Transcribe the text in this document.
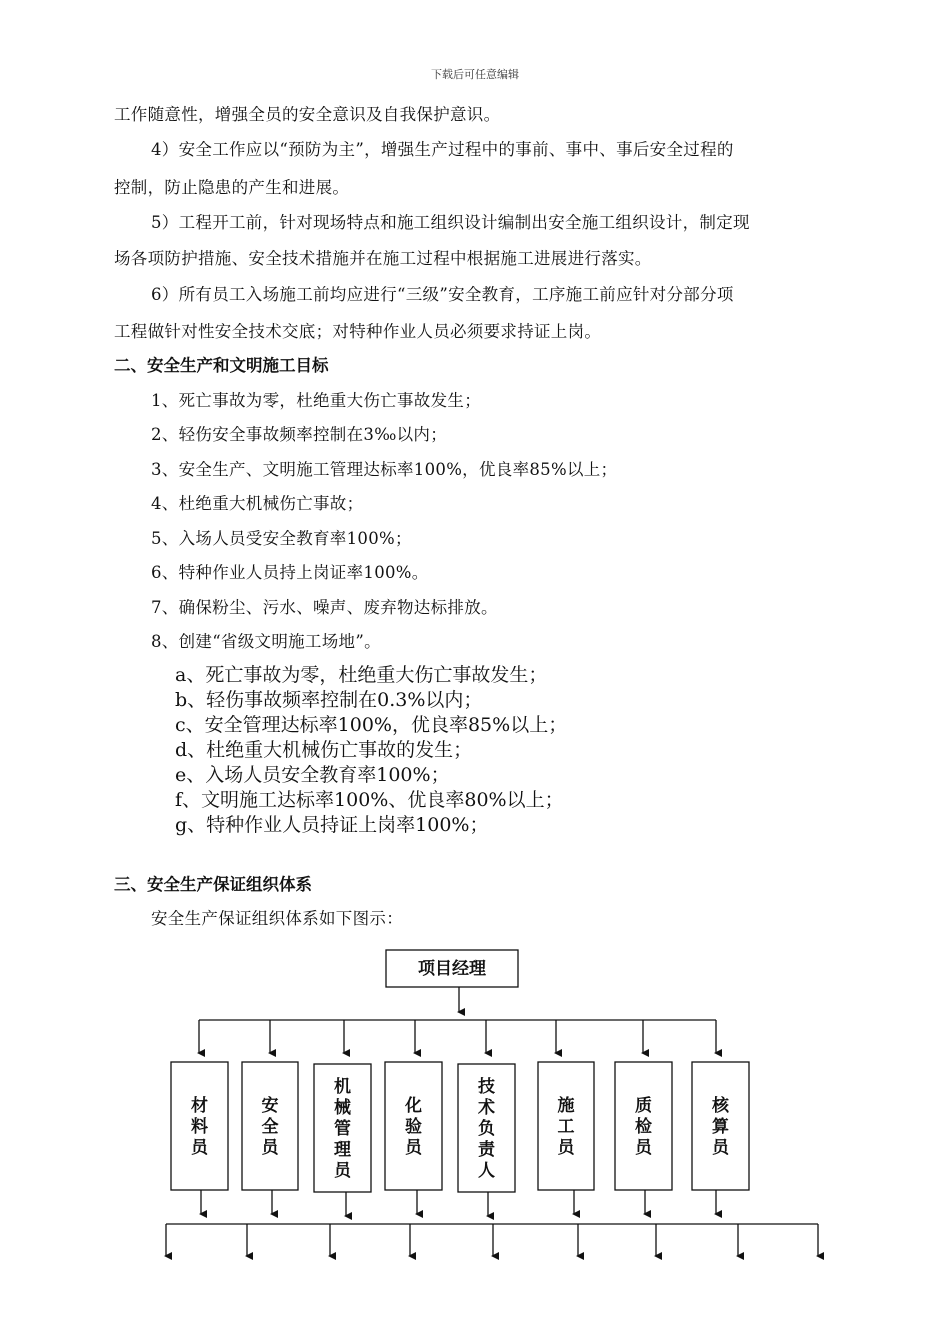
下载后可任意编辑
工作随意性，增强全员的安全意识及自我保护意识。
4）安全工作应以“预防为主”，增强生产过程中的事前、事中、事后安全过程的
控制，防止隐患的产生和进展。
5）工程开工前，针对现场特点和施工组织设计编制出安全施工组织设计，制定现
场各项防护措施、安全技术措施并在施工过程中根据施工进展进行落实。
6）所有员工入场施工前均应进行“三级”安全教育，工序施工前应针对分部分项
工程做针对性安全技术交底；对特种作业人员必须要求持证上岗。
二、安全生产和文明施工目标
1、死亡事故为零，杜绝重大伤亡事故发生；
2、轻伤安全事故频率控制在3‰以内；
3、安全生产、文明施工管理达标率100%，优良率85%以上；
4、杜绝重大机械伤亡事故；
5、入场人员受安全教育率100%；
6、特种作业人员持上岗证率100%。
7、确保粉尘、污水、噪声、废弃物达标排放。
8、创建“省级文明施工场地”。
a、死亡事故为零，杜绝重大伤亡事故发生；
b、轻伤事故频率控制在0.3%以内；
c、安全管理达标率100%，优良率85%以上；
d、杜绝重大机械伤亡事故的发生；
e、入场人员安全教育率100%；
f、文明施工达标率100%、优良率80%以上；
g、特种作业人员持证上岗率100%；
三、安全生产保证组织体系
安全生产保证组织体系如下图示：
项目经理
材料员
安全员
机械管理员
化验员
技术负责人
施工员
质检员
核算员
